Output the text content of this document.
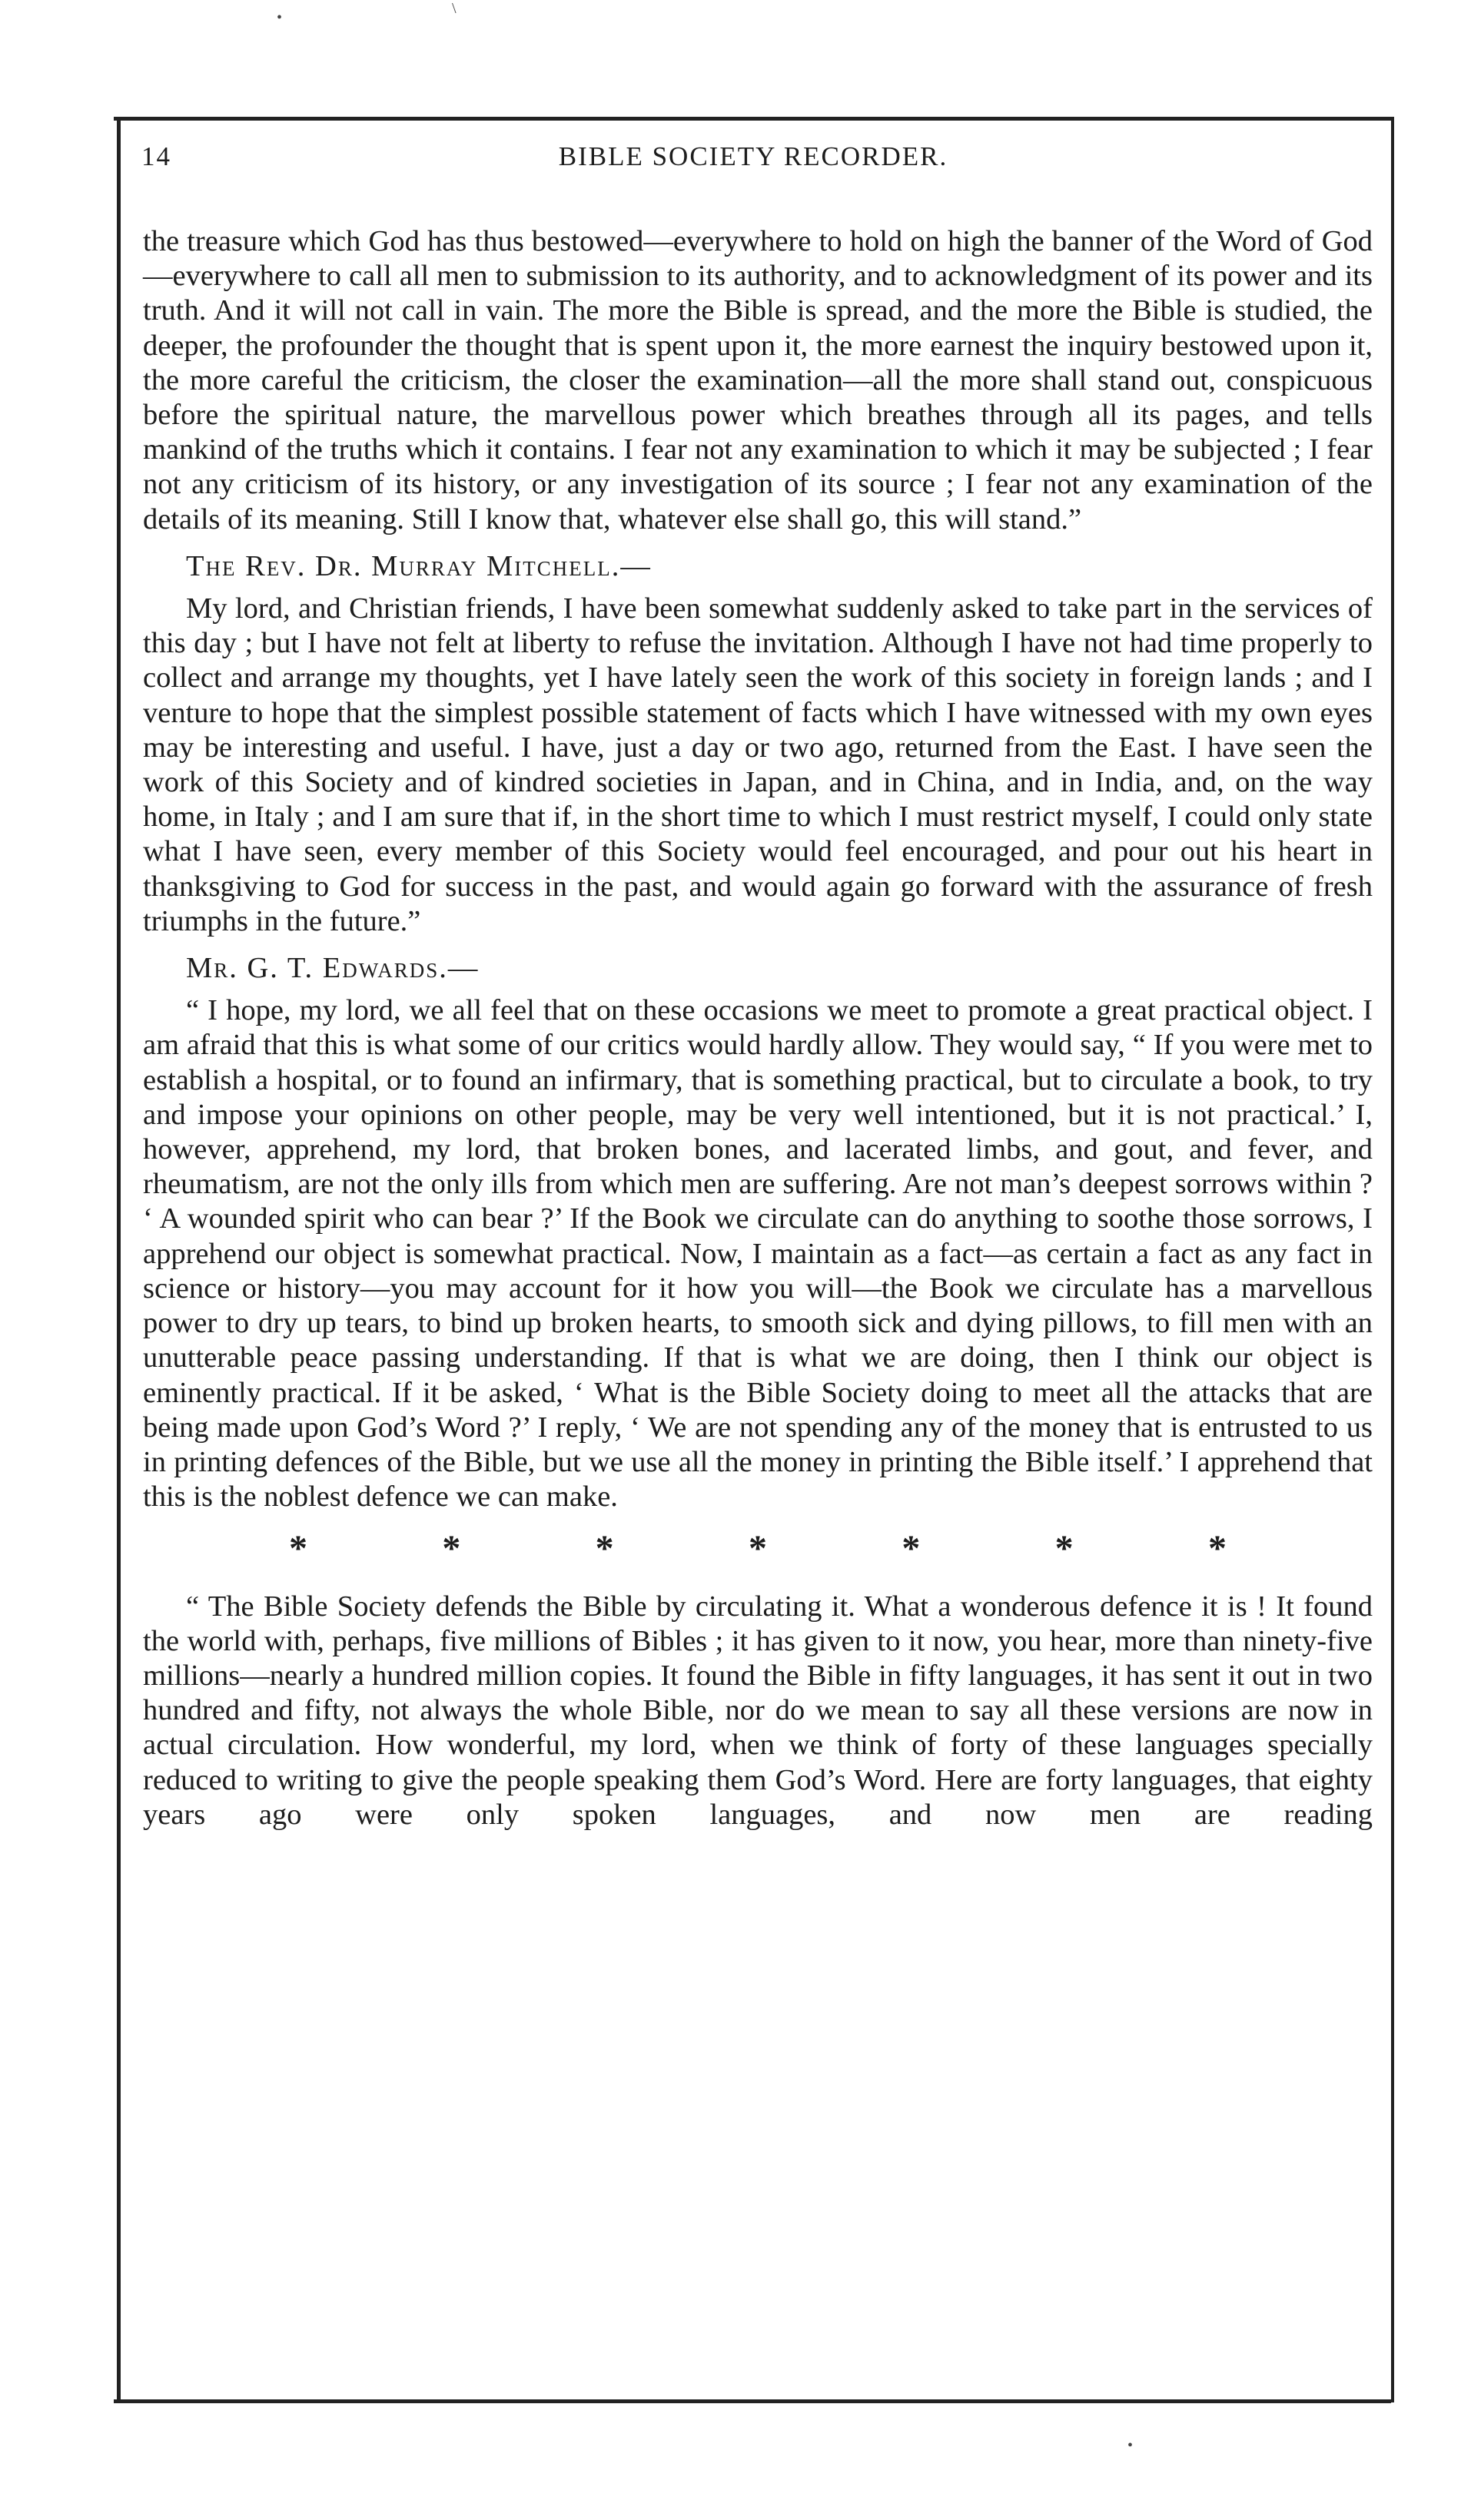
14	BIBLE SOCIETY RECORDER.

the treasure which God has thus bestowed—everywhere to hold on high the banner of the Word of God—everywhere to call all men to submission to its authority, and to acknowledgment of its power and its truth. And it will not call in vain. The more the Bible is spread, and the more the Bible is studied, the deeper, the profounder the thought that is spent upon it, the more earnest the inquiry bestowed upon it, the more careful the criticism, the closer the examination—all the more shall stand out, conspicuous before the spiritual nature, the marvellous power which breathes through all its pages, and tells mankind of the truths which it contains. I fear not any examination to which it may be subjected ; I fear not any criticism of its history, or any investigation of its source ; I fear not any examination of the details of its meaning. Still I know that, whatever else shall go, this will stand.”

The Rev. Dr. Murray Mitchell.—

My lord, and Christian friends, I have been somewhat suddenly asked to take part in the services of this day ; but I have not felt at liberty to refuse the invitation. Although I have not had time properly to collect and arrange my thoughts, yet I have lately seen the work of this society in foreign lands ; and I venture to hope that the simplest possible statement of facts which I have witnessed with my own eyes may be interesting and useful. I have, just a day or two ago, returned from the East. I have seen the work of this Society and of kindred societies in Japan, and in China, and in India, and, on the way home, in Italy ; and I am sure that if, in the short time to which I must restrict myself, I could only state what I have seen, every member of this Society would feel encouraged, and pour out his heart in thanksgiving to God for success in the past, and would again go forward with the assurance of fresh triumphs in the future.”

Mr. G. T. Edwards.—

“ I hope, my lord, we all feel that on these occasions we meet to promote a great practical object. I am afraid that this is what some of our critics would hardly allow. They would say, “ If you were met to establish a hospital, or to found an infirmary, that is something practical, but to circulate a book, to try and impose your opinions on other people, may be very well intentioned, but it is not practical.’ I, however, apprehend, my lord, that broken bones, and lacerated limbs, and gout, and fever, and rheumatism, are not the only ills from which men are suffering. Are not man’s deepest sorrows within ? ‘ A wounded spirit who can bear ?’ If the Book we circulate can do anything to soothe those sorrows, I apprehend our object is somewhat practical. Now, I maintain as a fact—as certain a fact as any fact in science or history—you may account for it how you will—the Book we circulate has a marvellous power to dry up tears, to bind up broken hearts, to smooth sick and dying pillows, to fill men with an unutterable peace passing understanding. If that is what we are doing, then I think our object is eminently practical. If it be asked, ‘ What is the Bible Society doing to meet all the attacks that are being made upon God’s Word ?’ I reply, ‘ We are not spending any of the money that is entrusted to us in printing defences of the Bible, but we use all the money in printing the Bible itself.’ I apprehend that this is the noblest defence we can make.

*	*	*	*	*	*	*

“ The Bible Society defends the Bible by circulating it. What a wonderous defence it is ! It found the world with, perhaps, five millions of Bibles ; it has given to it now, you hear, more than ninety-five millions—nearly a hundred million copies. It found the Bible in fifty languages, it has sent it out in two hundred and fifty, not always the whole Bible, nor do we mean to say all these versions are now in actual circulation. How wonderful, my lord, when we think of forty of these languages specially reduced to writing to give the people speaking them God’s Word. Here are forty languages, that eighty years ago were only spoken languages, and now men are reading

•
\
•
